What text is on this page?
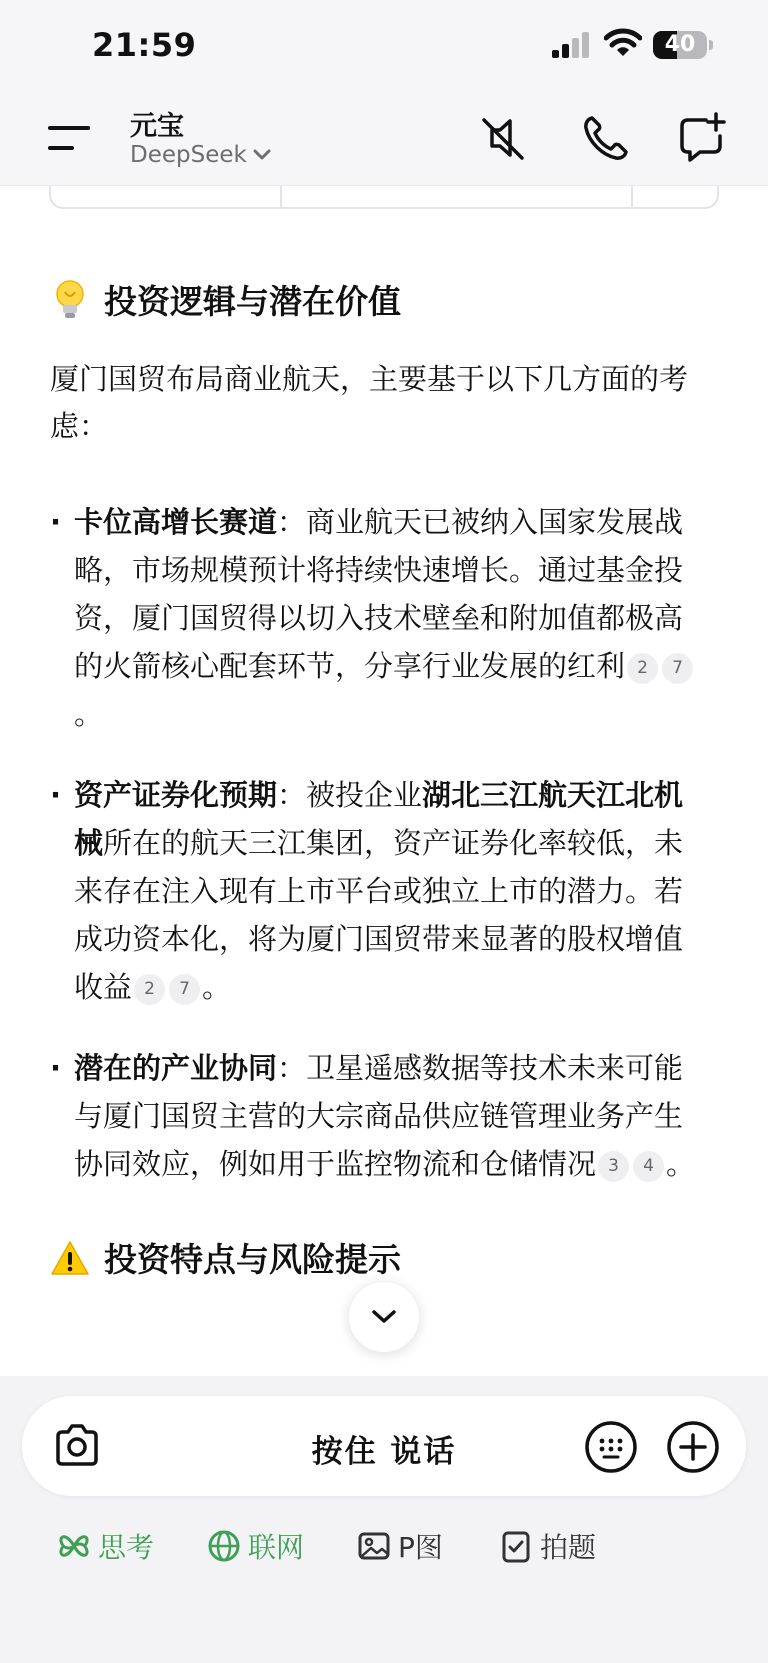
21:59	40
元宝
DeepSeek
投资逻辑与潜在价值
厦门国贸布局商业航天，主要基于以下几方面的考虑：
· 卡位高增长赛道：商业航天已被纳入国家发展战略，市场规模预计将持续快速增长。通过基金投资，厦门国贸得以切入技术壁垒和附加值都极高的火箭核心配套环节，分享行业发展的红利 2 7。
· 资产证券化预期：被投企业湖北三江航天江北机械所在的航天三江集团，资产证券化率较低，未来存在注入现有上市平台或独立上市的潜力。若成功资本化，将为厦门国贸带来显著的股权增值收益 2 7 。
· 潜在的产业协同：卫星遥感数据等技术未来可能与厦门国贸主营的大宗商品供应链管理业务产生协同效应，例如用于监控物流和仓储情况 3 4 。
投资特点与风险提示
按住 说话
思考	联网	P图	拍题
